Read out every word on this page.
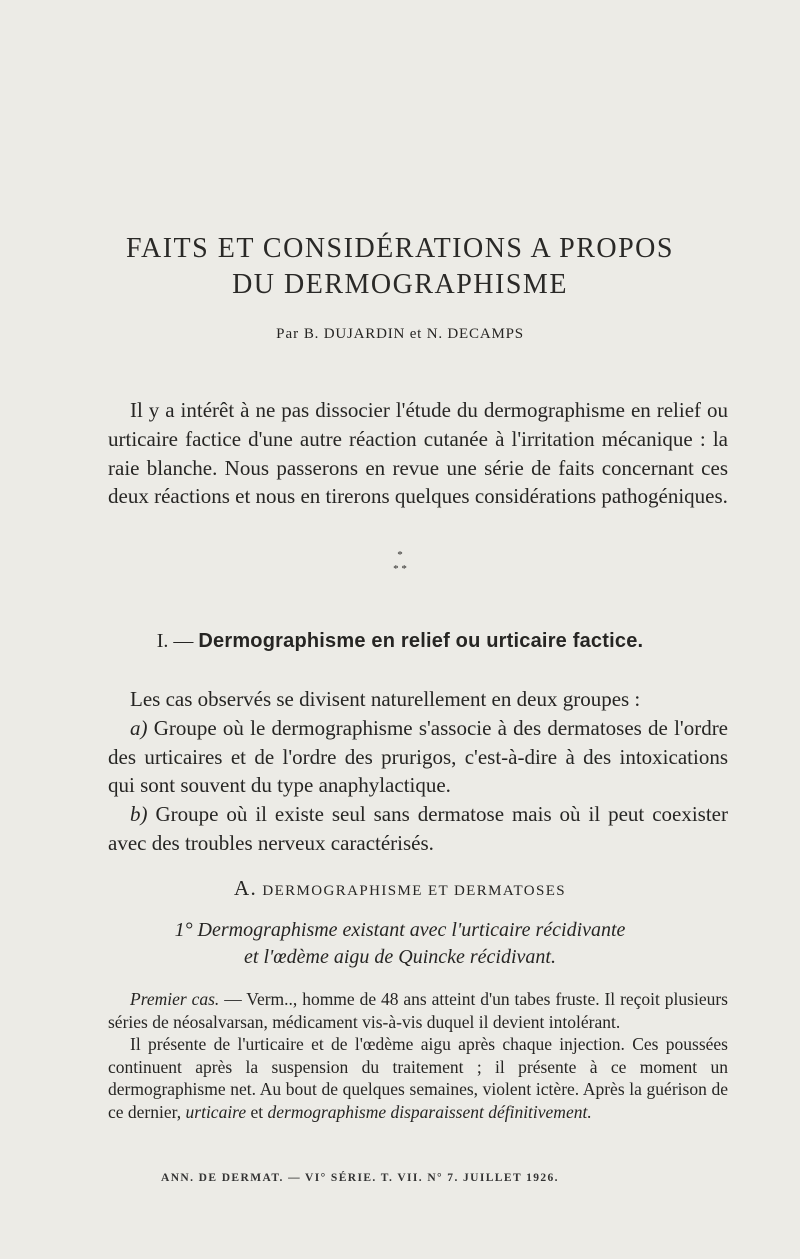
FAITS ET CONSIDÉRATIONS A PROPOS
DU DERMOGRAPHISME
Par B. DUJARDIN et N. DECAMPS

Il y a intérêt à ne pas dissocier l'étude du dermographisme en relief ou urticaire factice d'une autre réaction cutanée à l'irritation mécanique : la raie blanche. Nous passerons en revue une série de faits concernant ces deux réactions et nous en tirerons quelques considérations pathogéniques.

*
* *
I. — Dermographisme en relief ou urticaire factice.

Les cas observés se divisent naturellement en deux groupes :

a) Groupe où le dermographisme s'associe à des dermatoses de l'ordre des urticaires et de l'ordre des prurigos, c'est-à-dire à des intoxications qui sont souvent du type anaphylactique.

b) Groupe où il existe seul sans dermatose mais où il peut coexister avec des troubles nerveux caractérisés.

A. DERMOGRAPHISME ET DERMATOSES
1° Dermographisme existant avec l'urticaire récidivante
et l'œdème aigu de Quincke récidivant.

Premier cas. — Verm.., homme de 48 ans atteint d'un tabes fruste. Il reçoit plusieurs séries de néosalvarsan, médicament vis-à-vis duquel il devient intolérant.

Il présente de l'urticaire et de l'œdème aigu après chaque injection. Ces poussées continuent après la suspension du traitement ; il présente à ce moment un dermographisme net. Au bout de quelques semaines, violent ictère. Après la guérison de ce dernier, urticaire et dermographisme disparaissent définitivement.

ANN. DE DERMAT. — VI° SÉRIE. T. VII. N° 7. JUILLET 1926.
